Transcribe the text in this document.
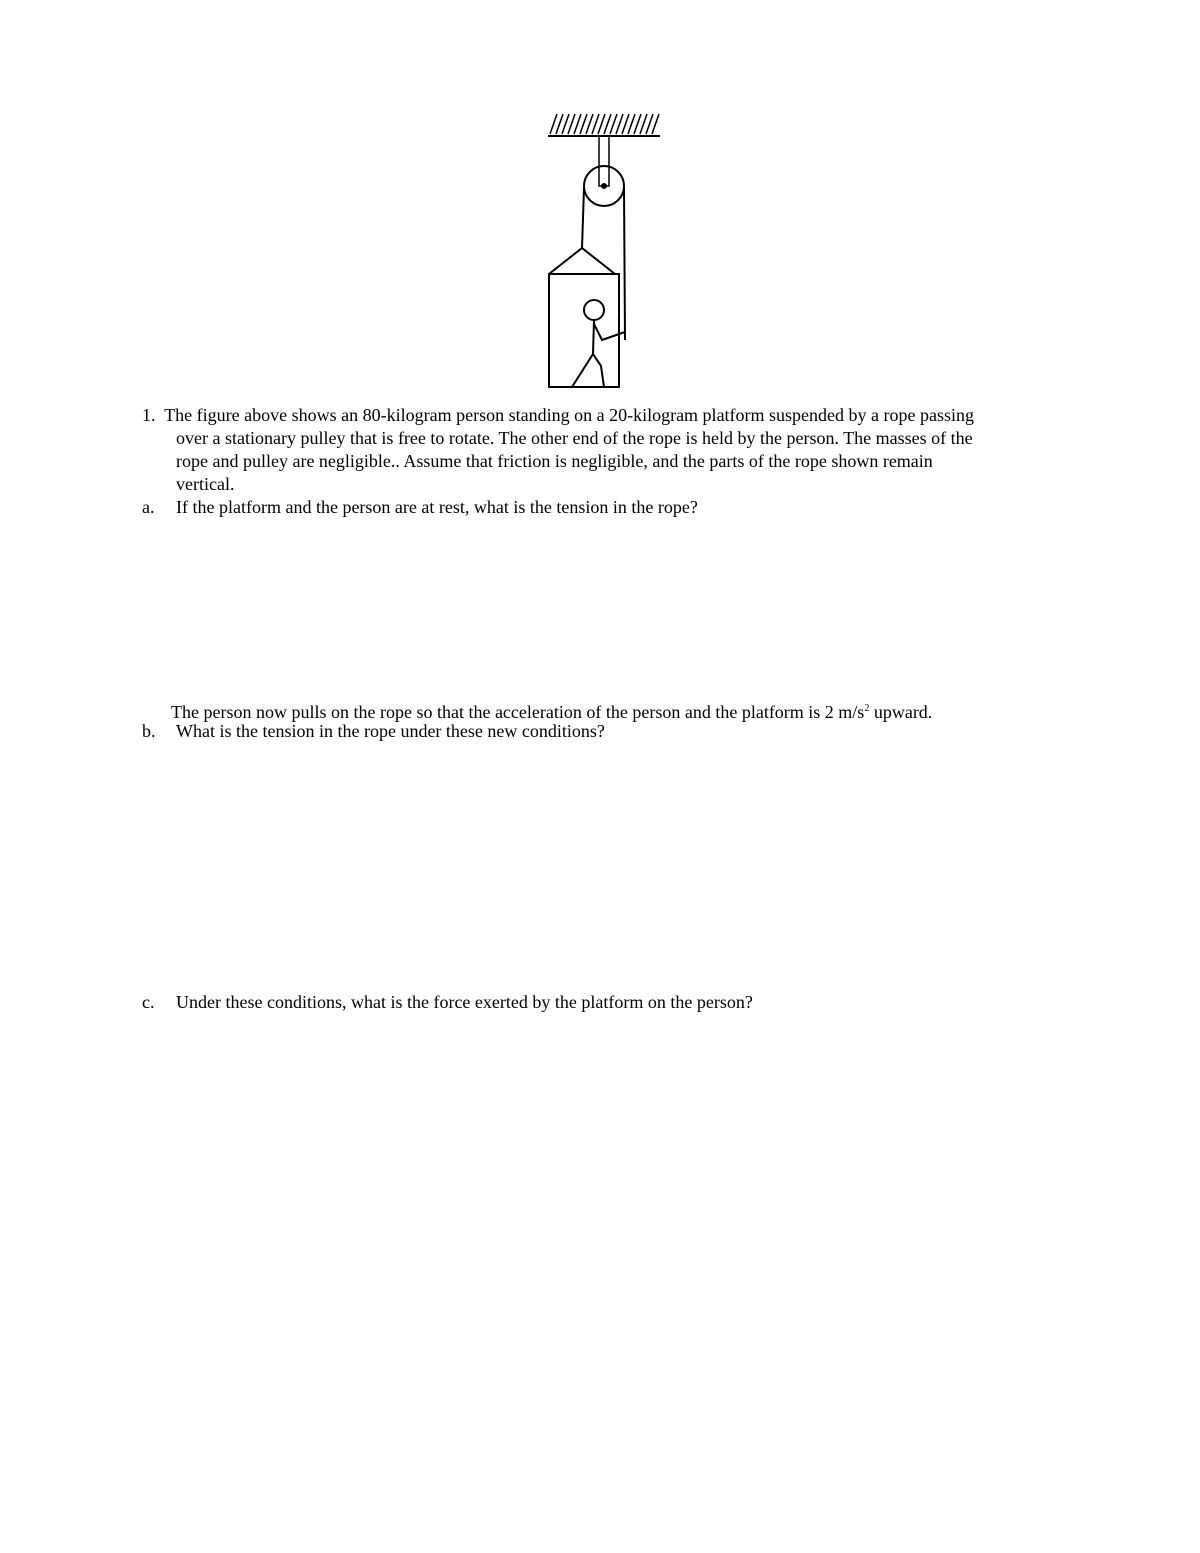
1. The figure above shows an 80-kilogram person standing on a 20-kilogram platform suspended by a rope passing
over a stationary pulley that is free to rotate. The other end of the rope is held by the person. The masses of the
rope and pulley are negligible.. Assume that friction is negligible, and the parts of the rope shown remain
vertical.
a. If the platform and the person are at rest, what is the tension in the rope?
The person now pulls on the rope so that the acceleration of the person and the platform is 2 $m/s^2$ upward.
b. What is the tension in the rope under these new conditions?
c. Under these conditions, what is the force exerted by the platform on the person?
